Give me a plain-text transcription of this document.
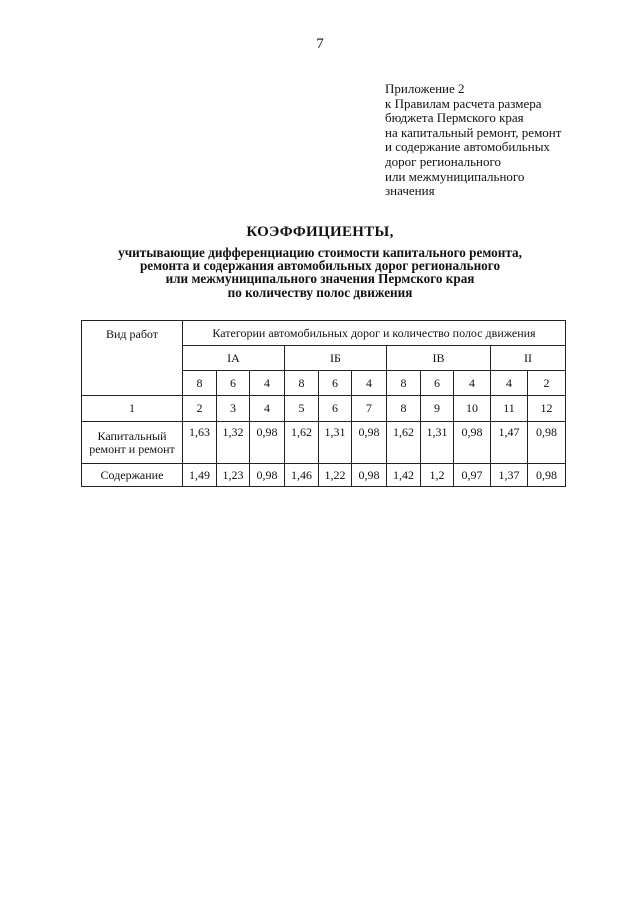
7
Приложение 2
к Правилам расчета размера
бюджета Пермского края
на капитальный ремонт, ремонт
и содержание автомобильных
дорог регионального
или межмуниципального
значения
КОЭФФИЦИЕНТЫ,
учитывающие дифференциацию стоимости капитального ремонта,
ремонта и содержания автомобильных дорог регионального
или межмуниципального значения Пермского края
по количеству полос движения
Вид работ	Категории автомобильных дорог и количество полос движения										
	IА			IБ			IВ			II	
	8	6	4	8	6	4	8	6	4	4	2
1	2	3	4	5	6	7	8	9	10	11	12

Капитальный
ремонт и ремонт	1,63	1,32	0,98	1,62	1,31	0,98	1,62	1,31	0,98	1,47	0,98

Содержание	1,49	1,23	0,98	1,46	1,22	0,98	1,42	1,2	0,97	1,37	0,98
